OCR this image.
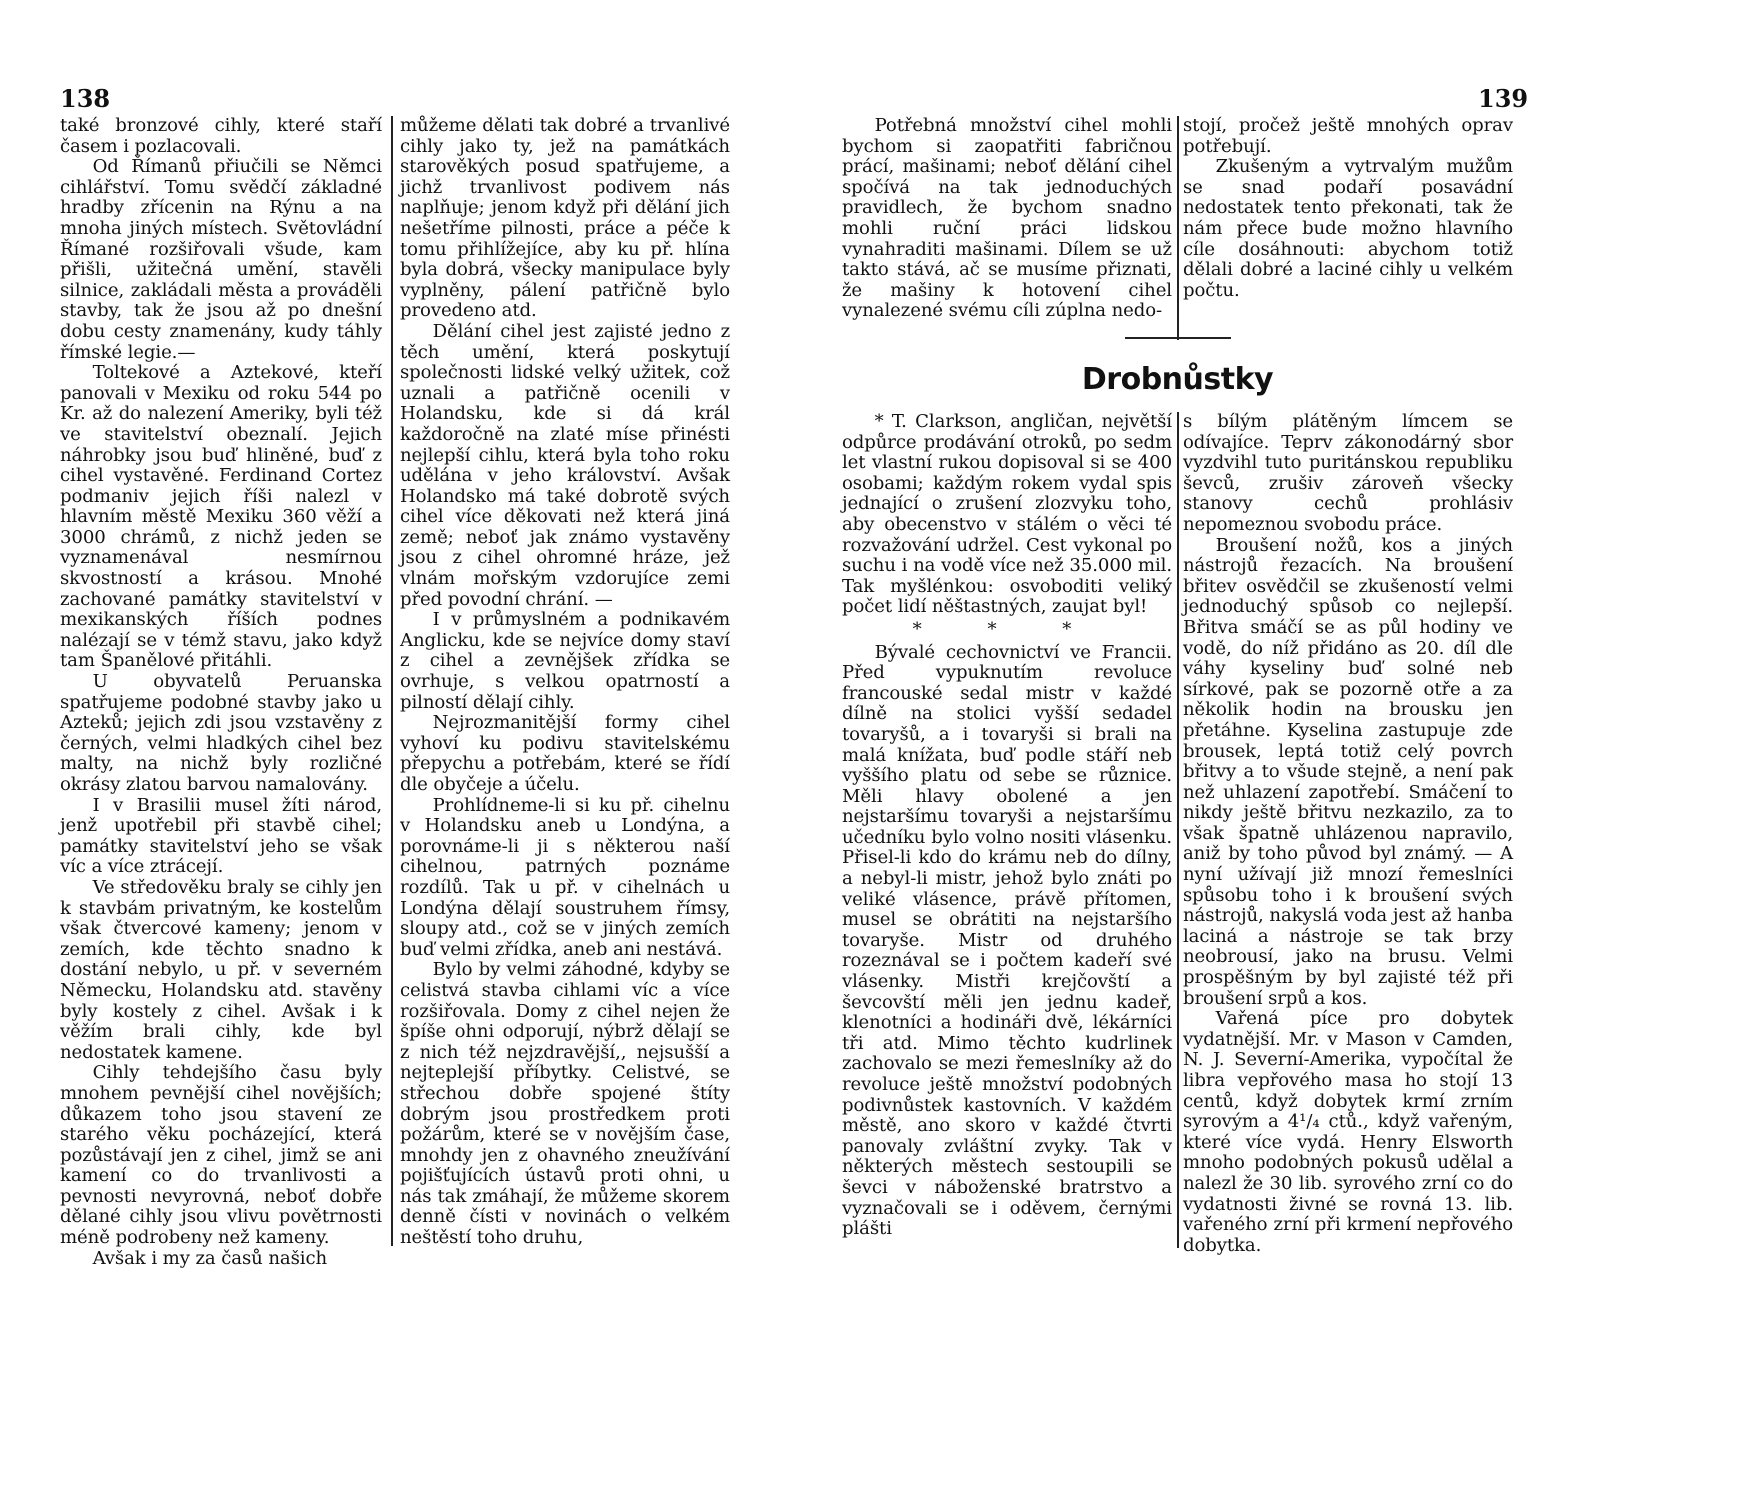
138

také bronzové cihly, které staří časem i pozlacovali.

Od Římanů přiučili se Němci cihlářství. Tomu svědčí základné hradby zřícenin na Rýnu a na mnoha jiných místech. Světovládní Římané rozšiřovali všude, kam přišli, užitečná umění, stavěli silnice, zakládali města a prováděli stavby, tak že jsou až po dnešní dobu cesty znamenány, kudy táhly římské legie.—

Toltekové a Aztekové, kteří panovali v Mexiku od roku 544 po Kr. až do nalezení Ameriky, byli též ve stavitelství obeznalí. Jejich náhrobky jsou buď hliněné, buď z cihel vystavěné. Ferdinand Cortez podmaniv jejich říši nalezl v hlavním městě Mexiku 360 věží a 3000 chrámů, z nichž jeden se vyznamenával nesmírnou skvostností a krásou. Mnohé zachované památky stavitelství v mexikanských říších podnes nalézají se v témž stavu, jako když tam Španělové přitáhli.

U obyvatelů Peruanska spatřujeme podobné stavby jako u Azteků; jejich zdi jsou vzstavěny z černých, velmi hladkých cihel bez malty, na nichž byly rozličné okrásy zlatou barvou namalovány.

I v Brasilii musel žíti národ, jenž upotřebil při stavbě cihel; památky stavitelství jeho se však víc a více ztrácejí.

Ve středověku braly se cihly jen k stavbám privatným, ke kostelům však čtvercové kameny; jenom v zemích, kde těchto snadno k dostání nebylo, u př. v severném Německu, Holandsku atd. stavěny byly kostely z cihel. Avšak i k věžím brali cihly, kde byl nedostatek kamene.

Cihly tehdejšího času byly mnohem pevnější cihel novějších; důkazem toho jsou stavení ze starého věku pocházející, která pozůstávají jen z cihel, jimž se ani kamení co do trvanlivosti a pevnosti nevyrovná, neboť dobře dělané cihly jsou vlivu povětrnosti méně podrobeny než kameny.

Avšak i my za časů našich

můžeme dělati tak dobré a trvanlivé cihly jako ty, jež na památkách starověkých posud spatřujeme, a jichž trvanlivost podivem nás naplňuje; jenom když při dělání jich nešetříme pilnosti, práce a péče k tomu přihlížejíce, aby ku př. hlína byla dobrá, všecky manipulace byly vyplněny, pálení patřičně bylo provedeno atd.

Dělání cihel jest zajisté jedno z těch umění, která poskytují společnosti lidské velký užitek, což uznali a patřičně ocenili v Holandsku, kde si dá král každoročně na zlaté míse přinésti nejlepší cihlu, která byla toho roku udělána v jeho království. Avšak Holandsko má také dobrotě svých cihel více děkovati než která jiná země; neboť jak známo vystavěny jsou z cihel ohromné hráze, jež vlnám mořským vzdorujíce zemi před povodní chrání. —

I v průmyslném a podnikavém Anglicku, kde se nejvíce domy staví z cihel a zevnějšek zřídka se ovrhuje, s velkou opatrností a pilností dělají cihly.

Nejrozmanitější formy cihel vyhoví ku podivu stavitelskému přepychu a potřebám, které se řídí dle obyčeje a účelu.

Prohlídneme-li si ku př. cihelnu v Holandsku aneb u Londýna, a porovnáme-li ji s některou naší cihelnou, patrných poznáme rozdílů. Tak u př. v cihelnách u Londýna dělají soustruhem římsy, sloupy atd., což se v jiných zemích buď velmi zřídka, aneb ani nestává.

Bylo by velmi záhodné, kdyby se celistvá stavba cihlami víc a více rozšiřovala. Domy z cihel nejen že špíše ohni odporují, nýbrž dělají se z nich též nejzdravější,, nejsušší a nejteplejší příbytky. Celistvé, se střechou dobře spojené štíty dobrým jsou prostředkem proti požárům, které se v novějším čase, mnohdy jen z ohavného zneužívání pojišťujících ústavů proti ohni, u nás tak zmáhají, že můžeme skorem denně čísti v novinách o velkém neštěstí toho druhu,

139

Potřebná množství cihel mohli bychom si zaopatřiti fabričnou prácí, mašinami; neboť dělání cihel spočívá na tak jednoduchých pravidlech, že bychom snadno mohli ruční práci lidskou vynahraditi mašinami. Dílem se už takto stává, ač se musíme přiznati, že mašiny k hotovení cihel vynalezené svému cíli zúplna nedo-

stojí, pročež ještě mnohých oprav potřebují.

Zkušeným a vytrvalým mužům se snad podaří posavádní nedostatek tento překonati, tak že nám přece bude možno hlavního cíle dosáhnouti: abychom totiž dělali dobré a laciné cihly u velkém počtu.

Drobnůstky

* T. Clarkson, angličan, největší odpůrce prodávání otroků, po sedm let vlastní rukou dopisoval si se 400 osobami; každým rokem vydal spis jednající o zrušení zlozvyku toho, aby obecenstvo v stálém o věci té rozvažování udržel. Cest vykonal po suchu i na vodě více než 35.000 mil. Tak myšlénkou: osvoboditi veliký počet lidí něštastných, zaujat byl!

* * *

Bývalé cechovnictví ve Francii. Před vypuknutím revoluce francouské sedal mistr v každé dílně na stolici vyšší sedadel tovaryšů, a i tovaryši si brali na malá knížata, buď podle stáří neb vyššího platu od sebe se různice. Měli hlavy obolené a jen nejstaršímu tovaryši a nejstaršímu učedníku bylo volno nositi vlásenku. Přisel-li kdo do krámu neb do dílny, a nebyl-li mistr, jehož bylo znáti po veliké vlásence, právě přítomen, musel se obrátiti na nejstaršího tovaryše. Mistr od druhého rozeznával se i počtem kadeří své vlásenky. Mistři krejčovští a ševcovští měli jen jednu kadeř, klenotníci a hodináři dvě, lékárníci tři atd. Mimo těchto kudrlinek zachovalo se mezi řemeslníky až do revoluce ještě množství podobných podivnůstek kastovních. V každém městě, ano skoro v každé čtvrti panovaly zvláštní zvyky. Tak v některých městech sestoupili se ševci v náboženské bratrstvo a vyznačovali se i oděvem, černými plášti

s bílým plátěným límcem se odívajíce. Teprv zákonodárný sbor vyzdvihl tuto puritánskou republiku ševců, zrušiv zároveň všecky stanovy cechů prohlásiv nepomeznou svobodu práce.

Broušení nožů, kos a jiných nástrojů řezacích. Na broušení břitev osvědčil se zkušeností velmi jednoduchý spůsob co nejlepší. Břitva smáčí se as půl hodiny ve vodě, do níž přidáno as 20. díl dle váhy kyseliny buď solné neb sírkové, pak se pozorně otře a za několik hodin na brousku jen přetáhne. Kyselina zastupuje zde brousek, leptá totiž celý povrch břitvy a to všude stejně, a není pak než uhlazení zapotřebí. Smáčení to nikdy ještě břitvu nezkazilo, za to však špatně uhlázenou napravilo, aniž by toho původ byl známý. — A nyní užívají již mnozí řemeslníci spůsobu toho i k broušení svých nástrojů, nakyslá voda jest až hanba laciná a nástroje se tak brzy neobrousí, jako na brusu. Velmi prospěšným by byl zajisté též při broušení srpů a kos.

Vařená píce pro dobytek vydatnější. Mr. v Mason v Camden, N. J. Severní-Amerika, vypočítal že libra vepřového masa ho stojí 13 centů, když dobytek krmí zrním syrovým a 4¹/₄ ctů., když vařeným, které více vydá. Henry Elsworth mnoho podobných pokusů udělal a nalezl že 30 lib. syrového zrní co do vydatnosti živné se rovná 13. lib. vařeného zrní při krmení nepřového dobytka.
